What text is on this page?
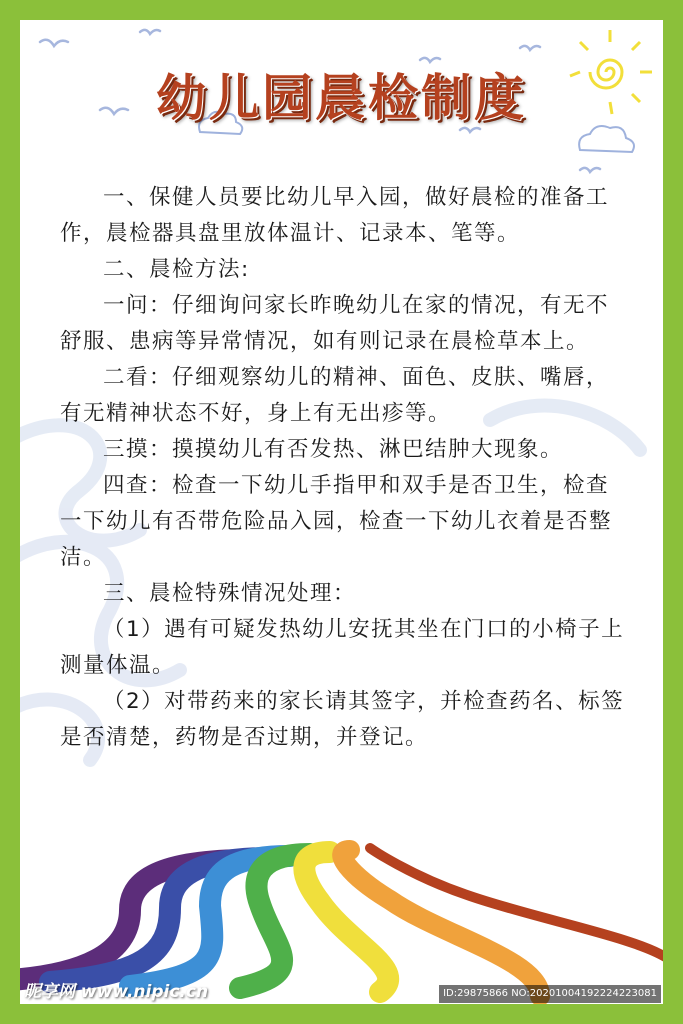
幼儿园晨检制度

一、保健人员要比幼儿早入园，做好晨检的准备工作，晨检器具盘里放体温计、记录本、笔等。

二、晨检方法:

一问：仔细询问家长昨晚幼儿在家的情况，有无不舒服、患病等异常情况，如有则记录在晨检草本上。

二看：仔细观察幼儿的精神、面色、皮肤、嘴唇，有无精神状态不好，身上有无出疹等。

三摸：摸摸幼儿有否发热、淋巴结肿大现象。

四查：检查一下幼儿手指甲和双手是否卫生，检查一下幼儿有否带危险品入园，检查一下幼儿衣着是否整洁。

三、晨检特殊情况处理：

（1）遇有可疑发热幼儿安抚其坐在门口的小椅子上测量体温。

（2）对带药来的家长请其签字，并检查药名、标签是否清楚，药物是否过期，并登记。

昵享网 www.nipic.cn	ID:29875866 NO:20201004192224223081
